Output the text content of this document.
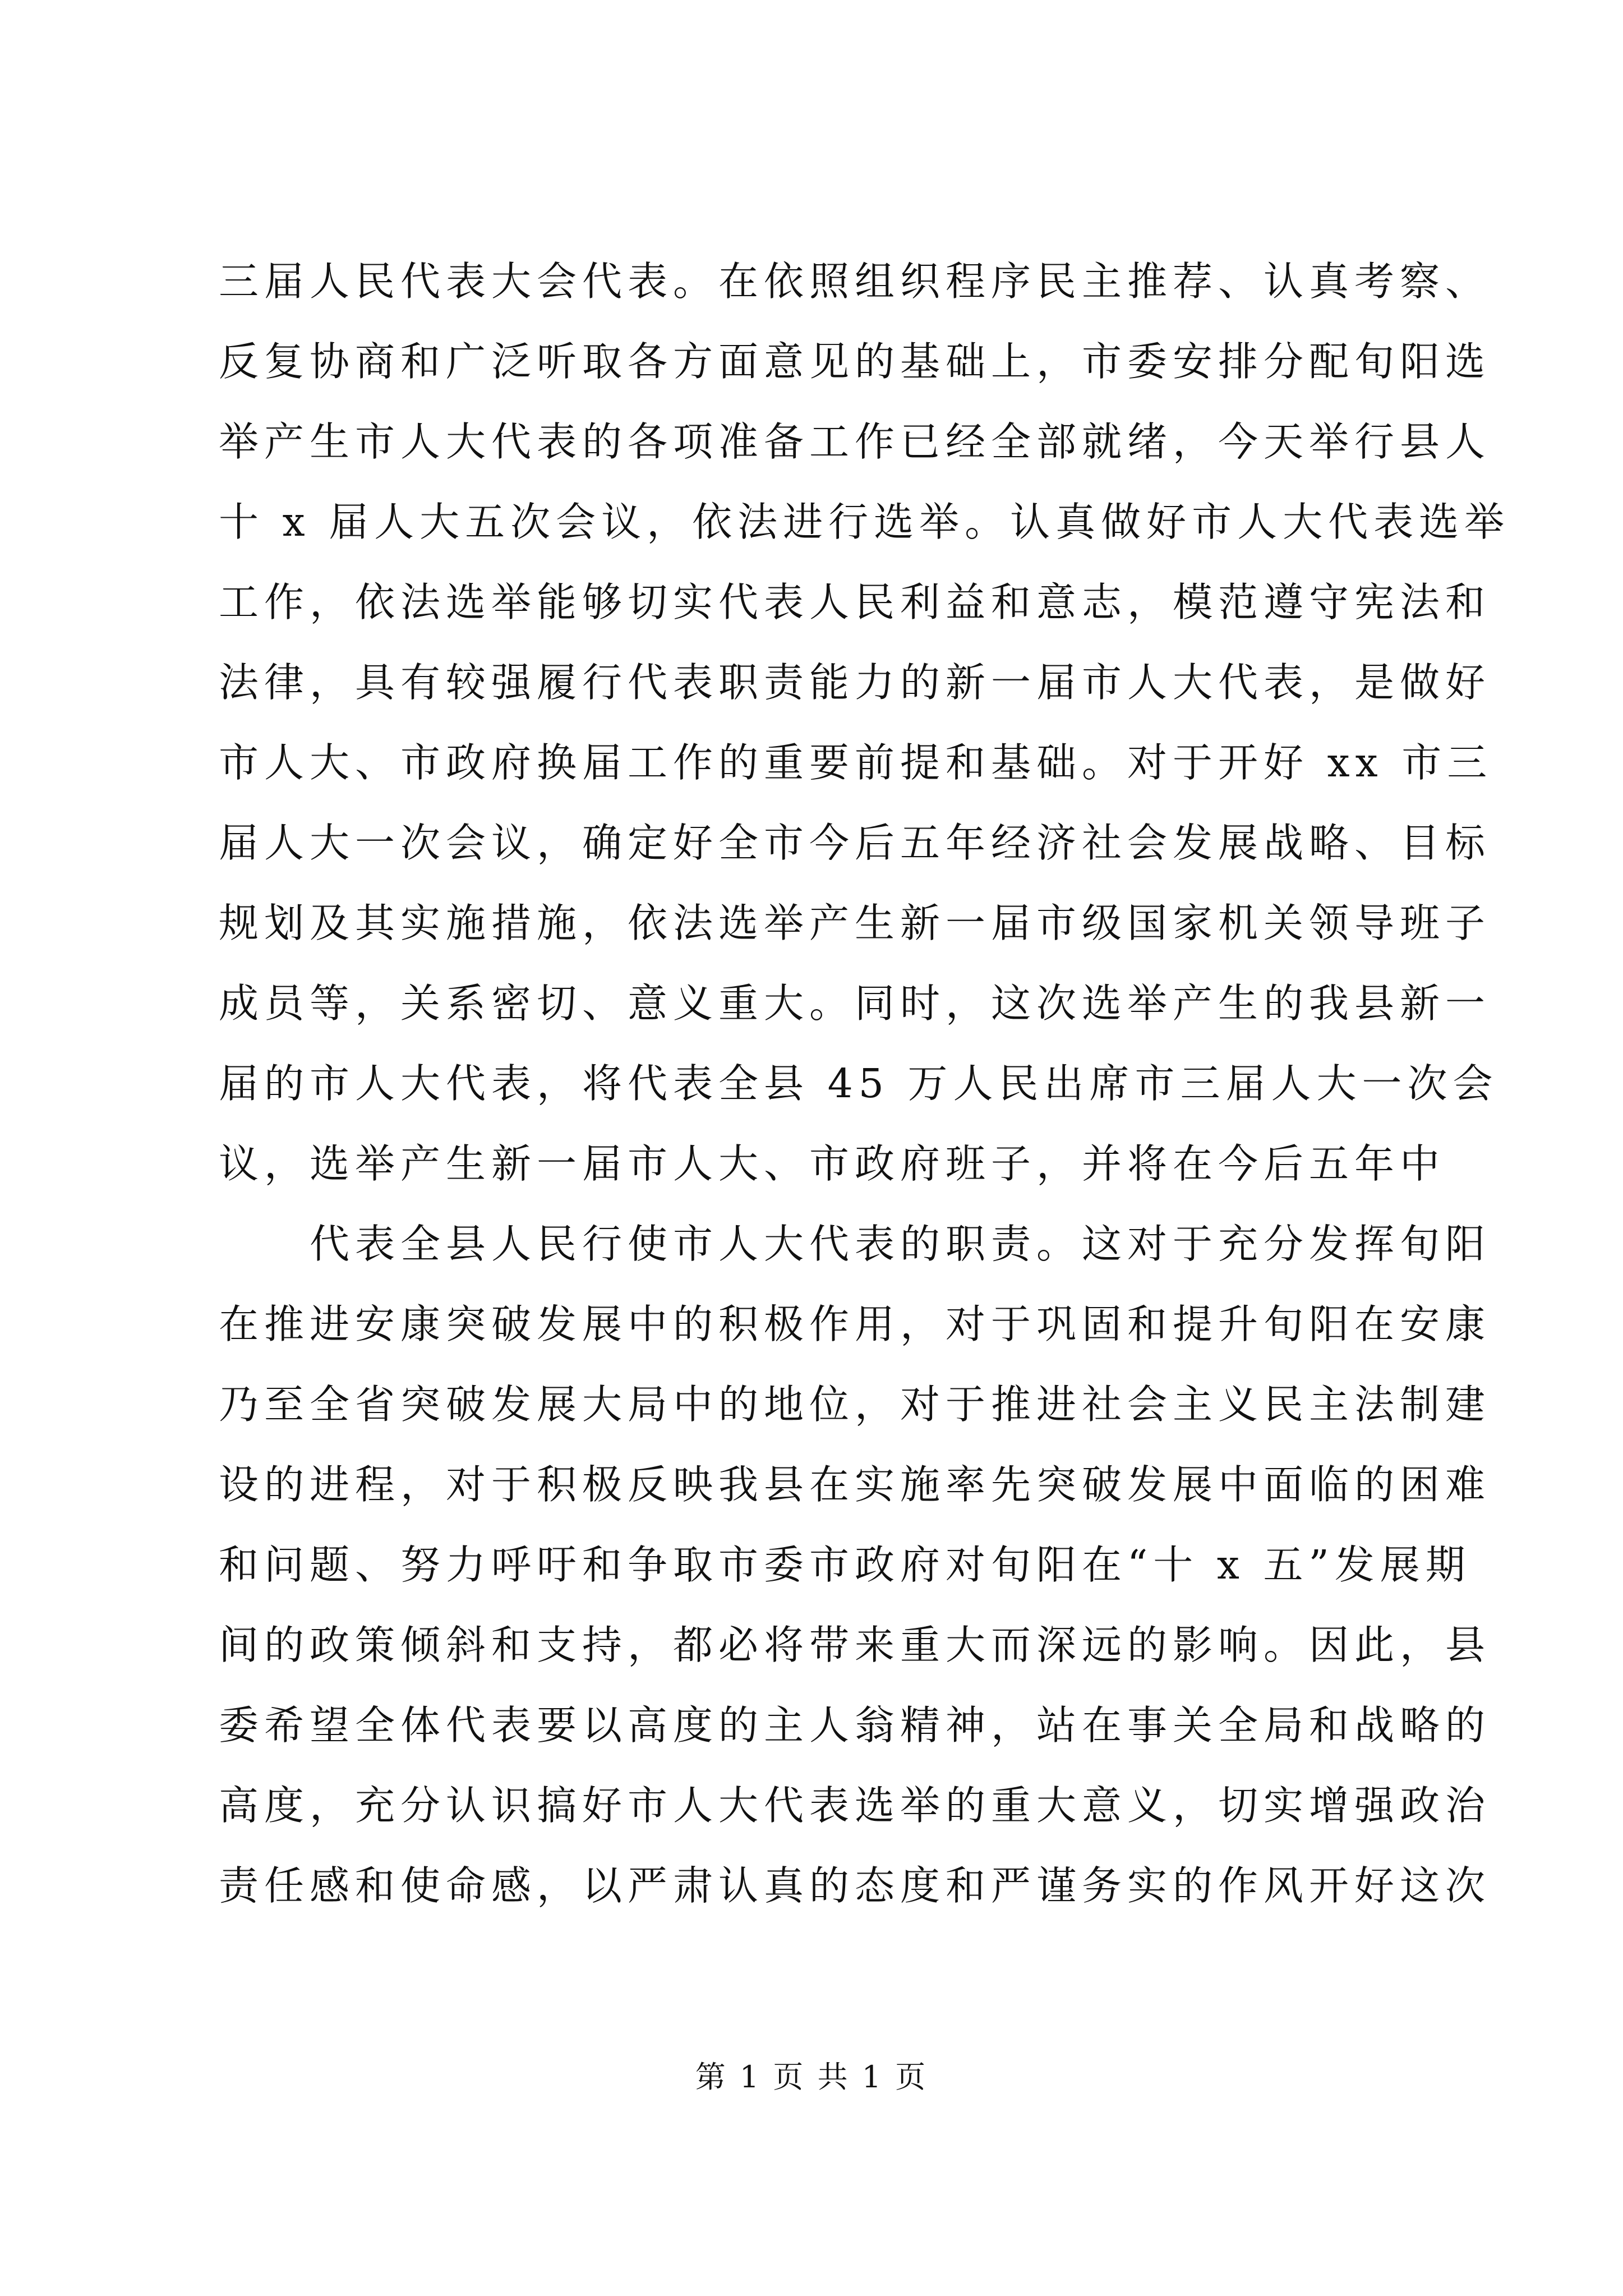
三届人民代表大会代表。在依照组织程序民主推荐、认真考察、
反复协商和广泛听取各方面意见的基础上，市委安排分配旬阳选
举产生市人大代表的各项准备工作已经全部就绪，今天举行县人
十 x 届人大五次会议，依法进行选举。认真做好市人大代表选举
工作，依法选举能够切实代表人民利益和意志，模范遵守宪法和
法律，具有较强履行代表职责能力的新一届市人大代表，是做好
市人大、市政府换届工作的重要前提和基础。对于开好 xx 市三
届人大一次会议，确定好全市今后五年经济社会发展战略、目标
规划及其实施措施，依法选举产生新一届市级国家机关领导班子
成员等，关系密切、意义重大。同时，这次选举产生的我县新一
届的市人大代表，将代表全县 45 万人民出席市三届人大一次会
议，选举产生新一届市人大、市政府班子，并将在今后五年中
代表全县人民行使市人大代表的职责。这对于充分发挥旬阳
在推进安康突破发展中的积极作用，对于巩固和提升旬阳在安康
乃至全省突破发展大局中的地位，对于推进社会主义民主法制建
设的进程，对于积极反映我县在实施率先突破发展中面临的困难
和问题、努力呼吁和争取市委市政府对旬阳在“十 x 五”发展期
间的政策倾斜和支持，都必将带来重大而深远的影响。因此，县
委希望全体代表要以高度的主人翁精神，站在事关全局和战略的
高度，充分认识搞好市人大代表选举的重大意义，切实增强政治
责任感和使命感，以严肃认真的态度和严谨务实的作风开好这次
第 1 页 共 1 页
